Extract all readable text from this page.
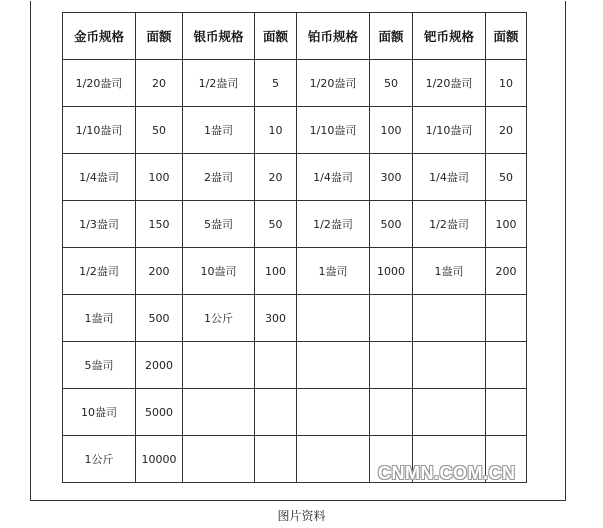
金币规格	面额	银币规格	面额	铂币规格	面额	钯币规格	面额
1/20盎司	20	1/2盎司	5	1/20盎司	50	1/20盎司	10
1/10盎司	50	1盎司	10	1/10盎司	100	1/10盎司	20
1/4盎司	100	2盎司	20	1/4盎司	300	1/4盎司	50
1/3盎司	150	5盎司	50	1/2盎司	500	1/2盎司	100
1/2盎司	200	10盎司	100	1盎司	1000	1盎司	200
1盎司	500	1公斤	300				
5盎司	2000						
10盎司	5000						
1公斤	10000						
CNMN.COM.CN
图片资料
